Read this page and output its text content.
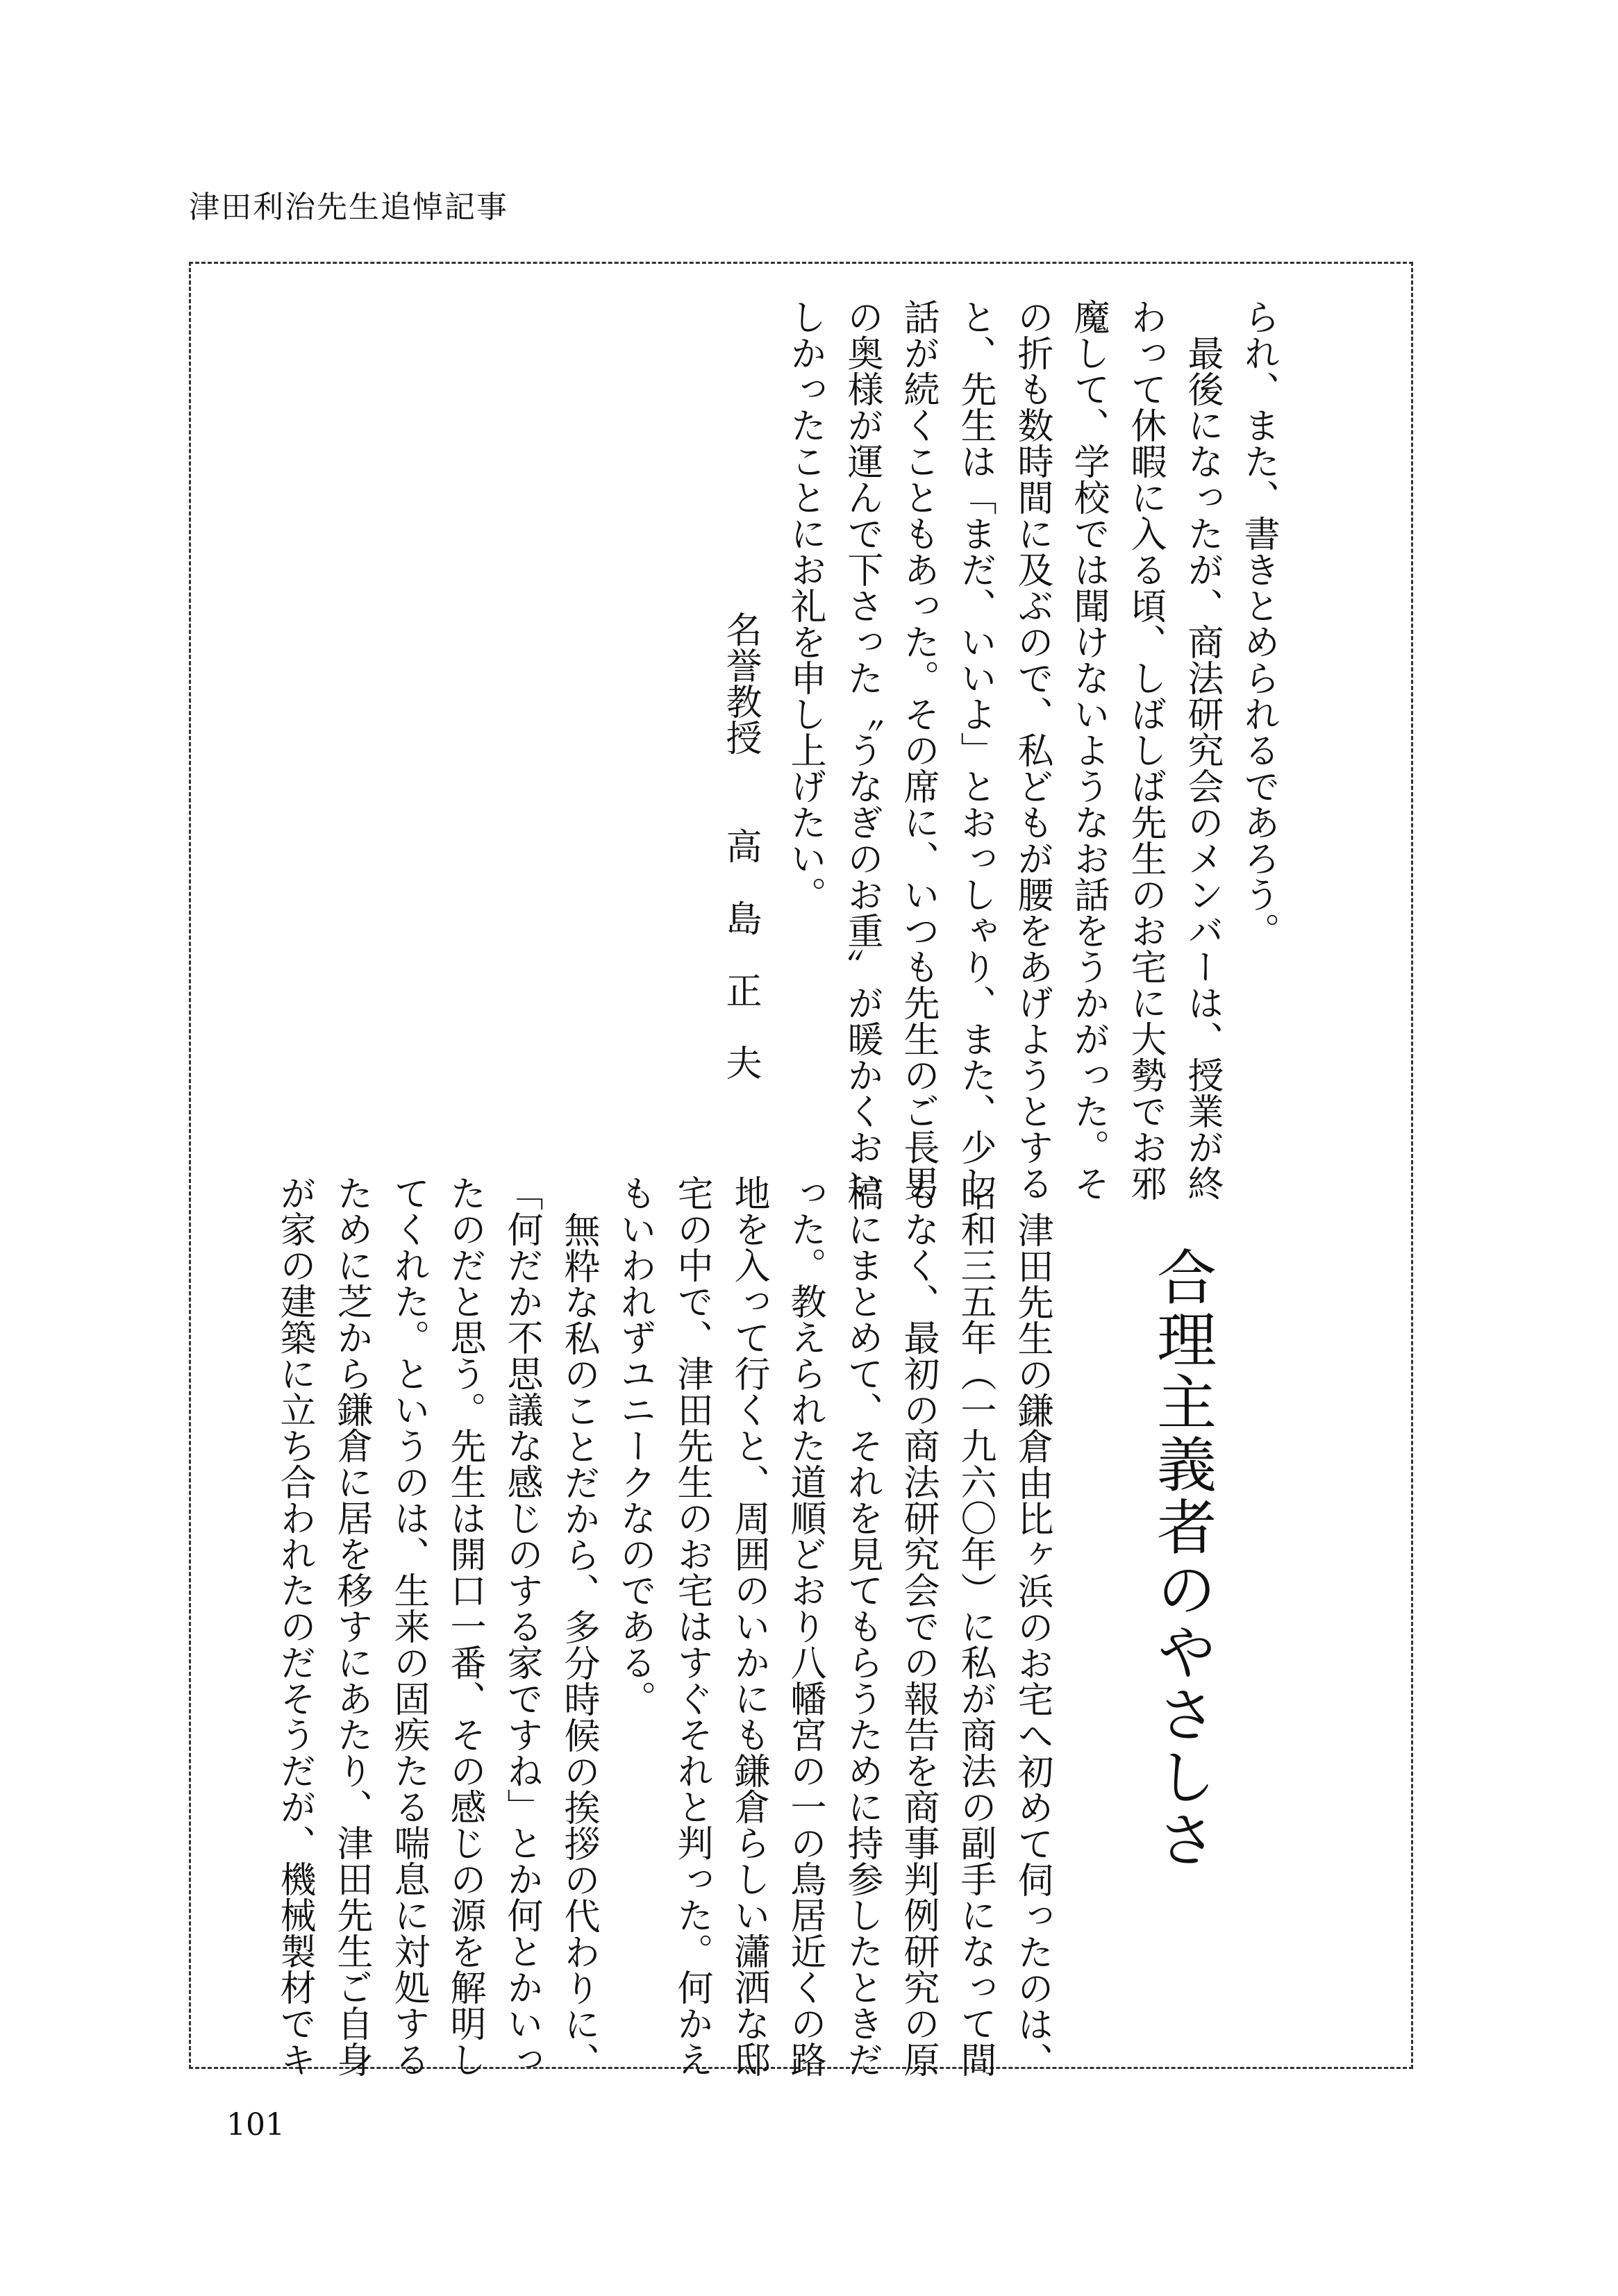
津田利治先生追悼記事
られ、また、書きとめられるであろう。
最後になったが、商法研究会のメンバーは、授業が終
わって休暇に入る頃、しばしば先生のお宅に大勢でお邪
魔して、学校では聞けないようなお話をうかがった。そ
の折も数時間に及ぶので、私どもが腰をあげようとする
と、先生は「まだ、いいよ」とおっしゃり、また、少し
話が続くこともあった。その席に、いつも先生のご長男
の奥様が運んで下さった〝うなぎのお重〟が暖かくおい
しかったことにお礼を申し上げたい。
名誉教授　　高　島　正　夫
合理主義者のやさしさ
津田先生の鎌倉由比ヶ浜のお宅へ初めて伺ったのは、
昭和三五年（一九六〇年）に私が商法の副手になって間
もなく、最初の商法研究会での報告を商事判例研究の原
稿にまとめて、それを見てもらうために持参したときだ
った。教えられた道順どおり八幡宮の一の鳥居近くの路
地を入って行くと、周囲のいかにも鎌倉らしい瀟洒な邸
宅の中で、津田先生のお宅はすぐそれと判った。何かえ
もいわれずユニークなのである。
無粋な私のことだから、多分時候の挨拶の代わりに、
「何だか不思議な感じのする家ですね」とか何とかいっ
たのだと思う。先生は開口一番、その感じの源を解明し
てくれた。というのは、生来の固疾たる喘息に対処する
ために芝から鎌倉に居を移すにあたり、津田先生ご自身
が家の建築に立ち合われたのだそうだが、機械製材でキ
101
